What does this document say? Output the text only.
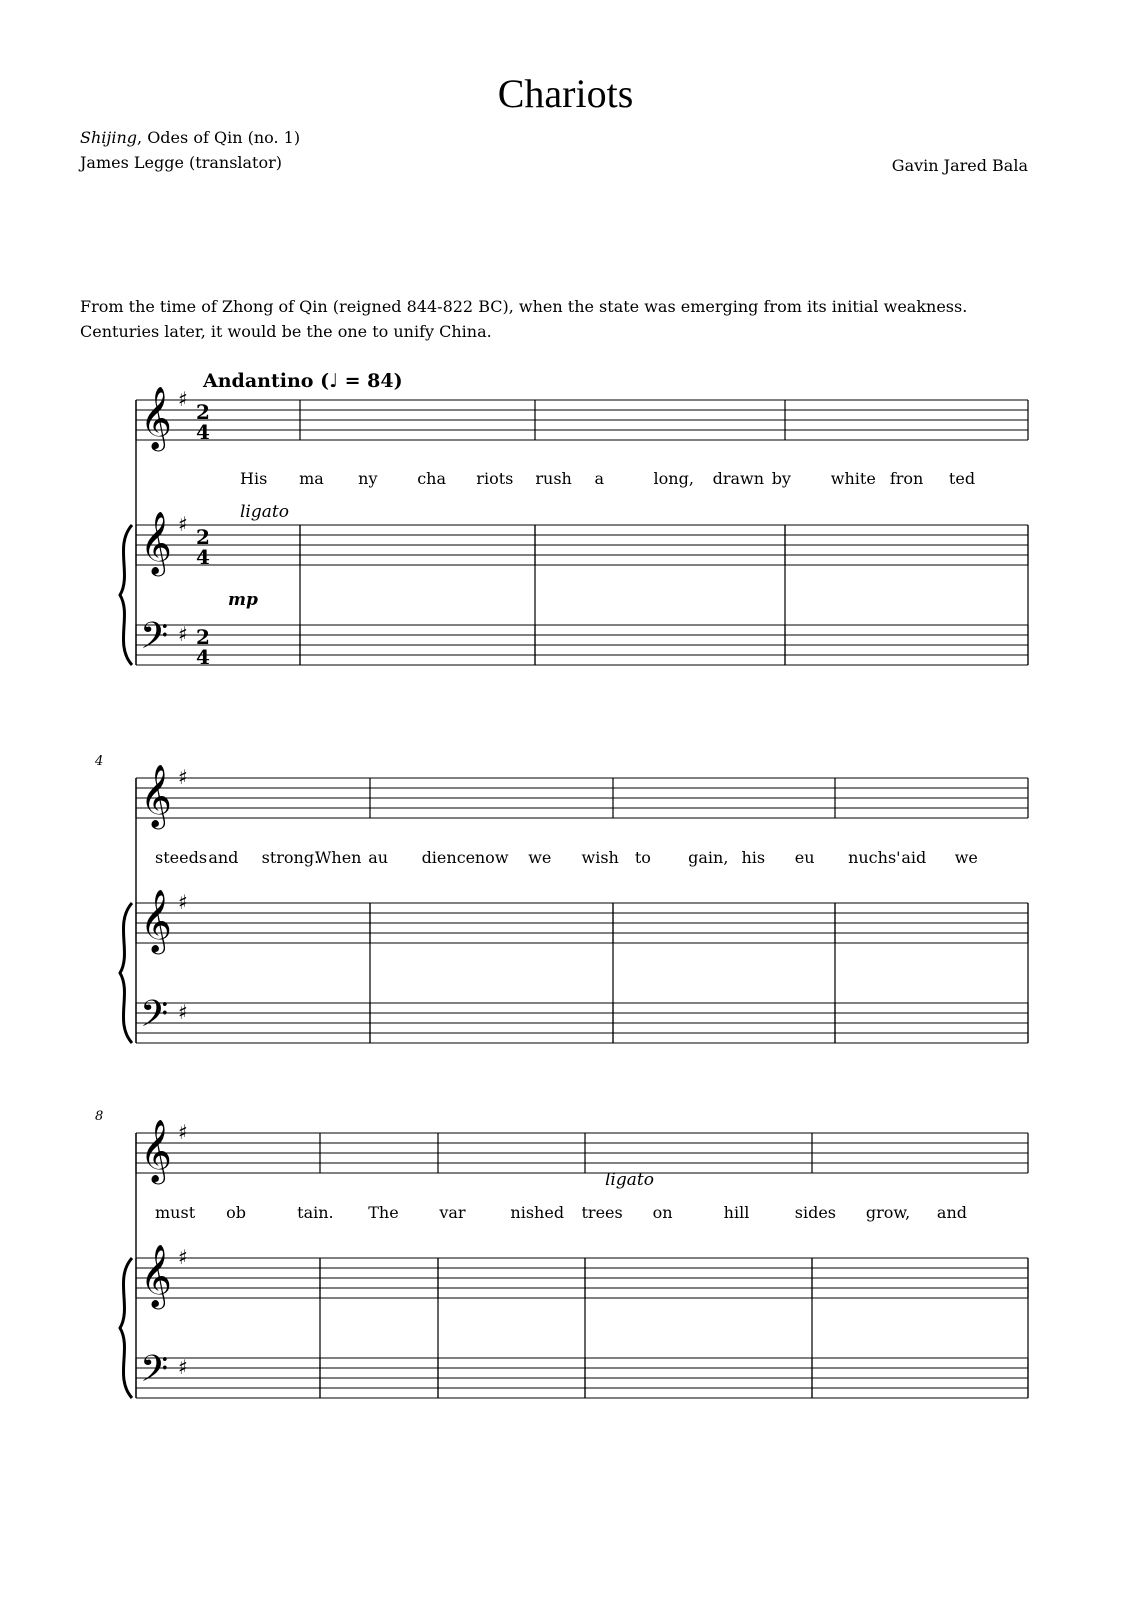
Chariots
Shijing, Odes of Qin (no. 1)
James Legge (translator)	Gavin Jared Bala
From the time of Zhong of Qin (reigned 844-822 BC), when the state was emerging from its initial weakness.
Centuries later, it would be the one to unify China.
Andantino (♩ = 84)
𝄞 ♯
2
4
𝄞 ♯
2
4
𝄢 ♯ 2
4
𝄞 ♯
𝄞 ♯
𝄢 ♯
𝄞 ♯
𝄞 ♯
𝄢 ♯
His ma ny cha riots rush a	long, drawn by white fron ted
steeds and strong.
When au dience now we wish to gain, his eu nuchs' aid we
must ob	tain. The	var	nished trees on	hill	sides grow, and
ligato
ligato
mp
4
8
